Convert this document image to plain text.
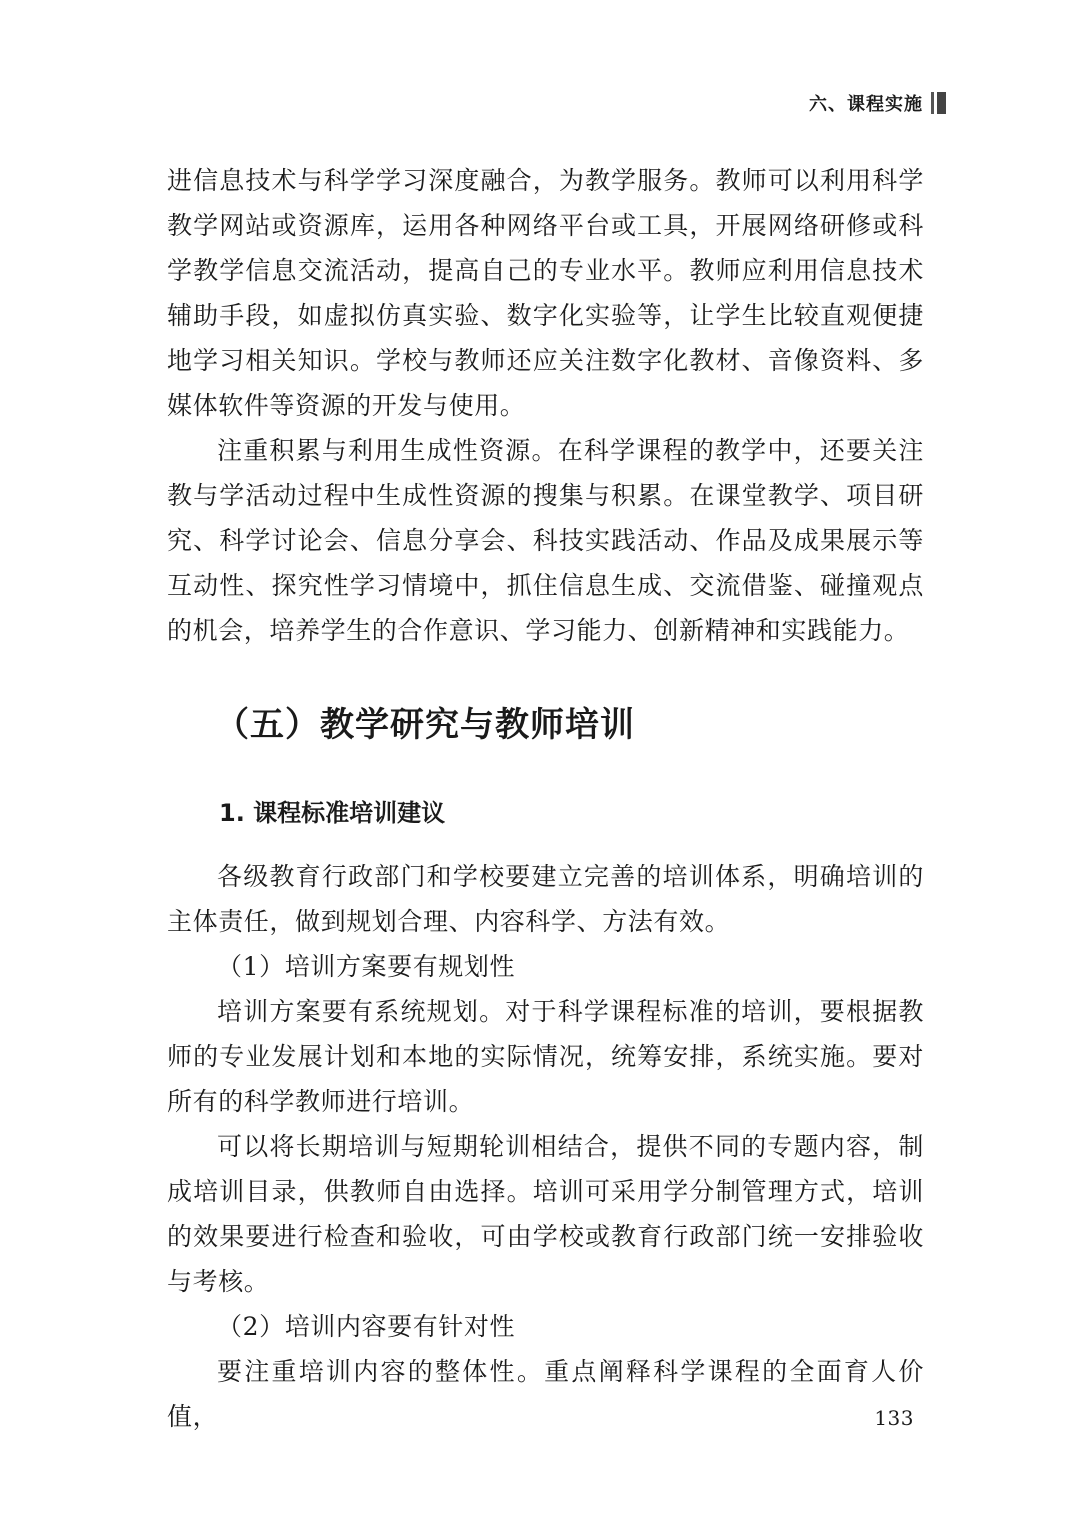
六、课程实施

进信息技术与科学学习深度融合，为教学服务。教师可以利用科学教学网站或资源库，运用各种网络平台或工具，开展网络研修或科学教学信息交流活动，提高自己的专业水平。教师应利用信息技术辅助手段，如虚拟仿真实验、数字化实验等，让学生比较直观便捷地学习相关知识。学校与教师还应关注数字化教材、音像资料、多媒体软件等资源的开发与使用。

注重积累与利用生成性资源。在科学课程的教学中，还要关注教与学活动过程中生成性资源的搜集与积累。在课堂教学、项目研究、科学讨论会、信息分享会、科技实践活动、作品及成果展示等互动性、探究性学习情境中，抓住信息生成、交流借鉴、碰撞观点的机会，培养学生的合作意识、学习能力、创新精神和实践能力。

（五）教学研究与教师培训
1. 课程标准培训建议

各级教育行政部门和学校要建立完善的培训体系，明确培训的主体责任，做到规划合理、内容科学、方法有效。

（1）培训方案要有规划性

培训方案要有系统规划。对于科学课程标准的培训，要根据教师的专业发展计划和本地的实际情况，统筹安排，系统实施。要对所有的科学教师进行培训。

可以将长期培训与短期轮训相结合，提供不同的专题内容，制成培训目录，供教师自由选择。培训可采用学分制管理方式，培训的效果要进行检查和验收，可由学校或教育行政部门统一安排验收与考核。

（2）培训内容要有针对性

要注重培训内容的整体性。重点阐释科学课程的全面育人价值，	133
